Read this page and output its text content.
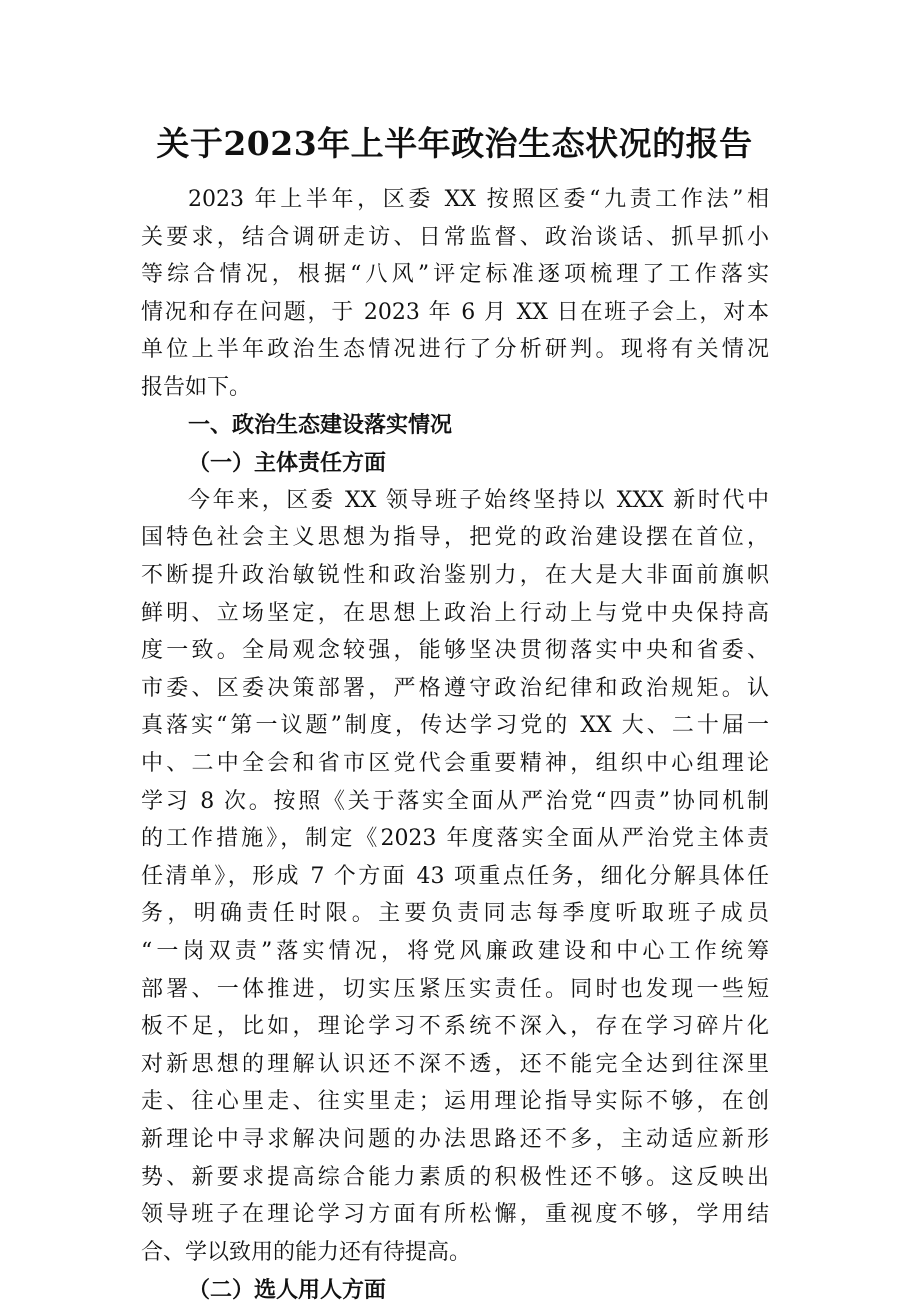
关于2023年上半年政治生态状况的报告
2023 年上半年，区委 XX 按照区委“九责工作法”相
关要求，结合调研走访、日常监督、政治谈话、抓早抓小
等综合情况，根据“八风”评定标准逐项梳理了工作落实
情况和存在问题，于 2023 年 6 月 XX 日在班子会上，对本
单位上半年政治生态情况进行了分析研判。现将有关情况
报告如下。
一、政治生态建设落实情况
（一）主体责任方面
今年来，区委 XX 领导班子始终坚持以 XXX 新时代中
国特色社会主义思想为指导，把党的政治建设摆在首位，
不断提升政治敏锐性和政治鉴别力，在大是大非面前旗帜
鲜明、立场坚定，在思想上政治上行动上与党中央保持高
度一致。全局观念较强，能够坚决贯彻落实中央和省委、
市委、区委决策部署，严格遵守政治纪律和政治规矩。认
真落实“第一议题”制度，传达学习党的 XX 大、二十届一
中、二中全会和省市区党代会重要精神，组织中心组理论
学习 8 次。按照《关于落实全面从严治党“四责”协同机制
的工作措施》，制定《2023 年度落实全面从严治党主体责
任清单》，形成 7 个方面 43 项重点任务，细化分解具体任
务，明确责任时限。主要负责同志每季度听取班子成员
“一岗双责”落实情况，将党风廉政建设和中心工作统筹
部署、一体推进，切实压紧压实责任。同时也发现一些短
板不足，比如，理论学习不系统不深入，存在学习碎片化
对新思想的理解认识还不深不透，还不能完全达到往深里
走、往心里走、往实里走；运用理论指导实际不够，在创
新理论中寻求解决问题的办法思路还不多，主动适应新形
势、新要求提高综合能力素质的积极性还不够。这反映出
领导班子在理论学习方面有所松懈，重视度不够，学用结
合、学以致用的能力还有待提高。
（二）选人用人方面
